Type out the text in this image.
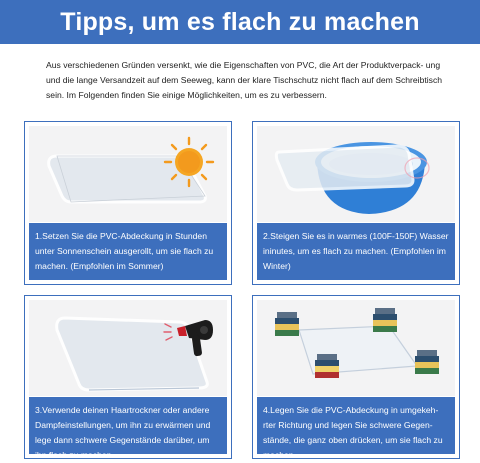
Tipps, um es flach zu machen
Aus verschiedenen Gründen versenkt, wie die Eigenschaften von PVC, die Art der Produktverpack- ung und die lange Versandzeit auf dem Seeweg, kann der klare Tischschutz nicht flach auf dem Schreibtisch sein. Im Folgenden finden Sie einige Möglichkeiten, um es zu verbessern.
1.Setzen Sie die PVC-Abdeckung in Stunden unter Sonnenschein ausgerollt, um sie flach zu machen. (Empfohlen im Sommer)
2.Steigen Sie es in warmes (100F-150F) Wasser ininutes, um es flach zu machen. (Empfohlen im Winter)
3.Verwende deinen Haartrockner oder andere Dampfeinstellungen, um ihn zu erwärmen und lege dann schwere Gegenstände darüber, um ihn flach zu machen
4.Legen Sie die PVC-Abdeckung in umgekeh- rter Richtung und legen Sie schwere Gegen- stände, die ganz oben drücken, um sie flach zu machen
